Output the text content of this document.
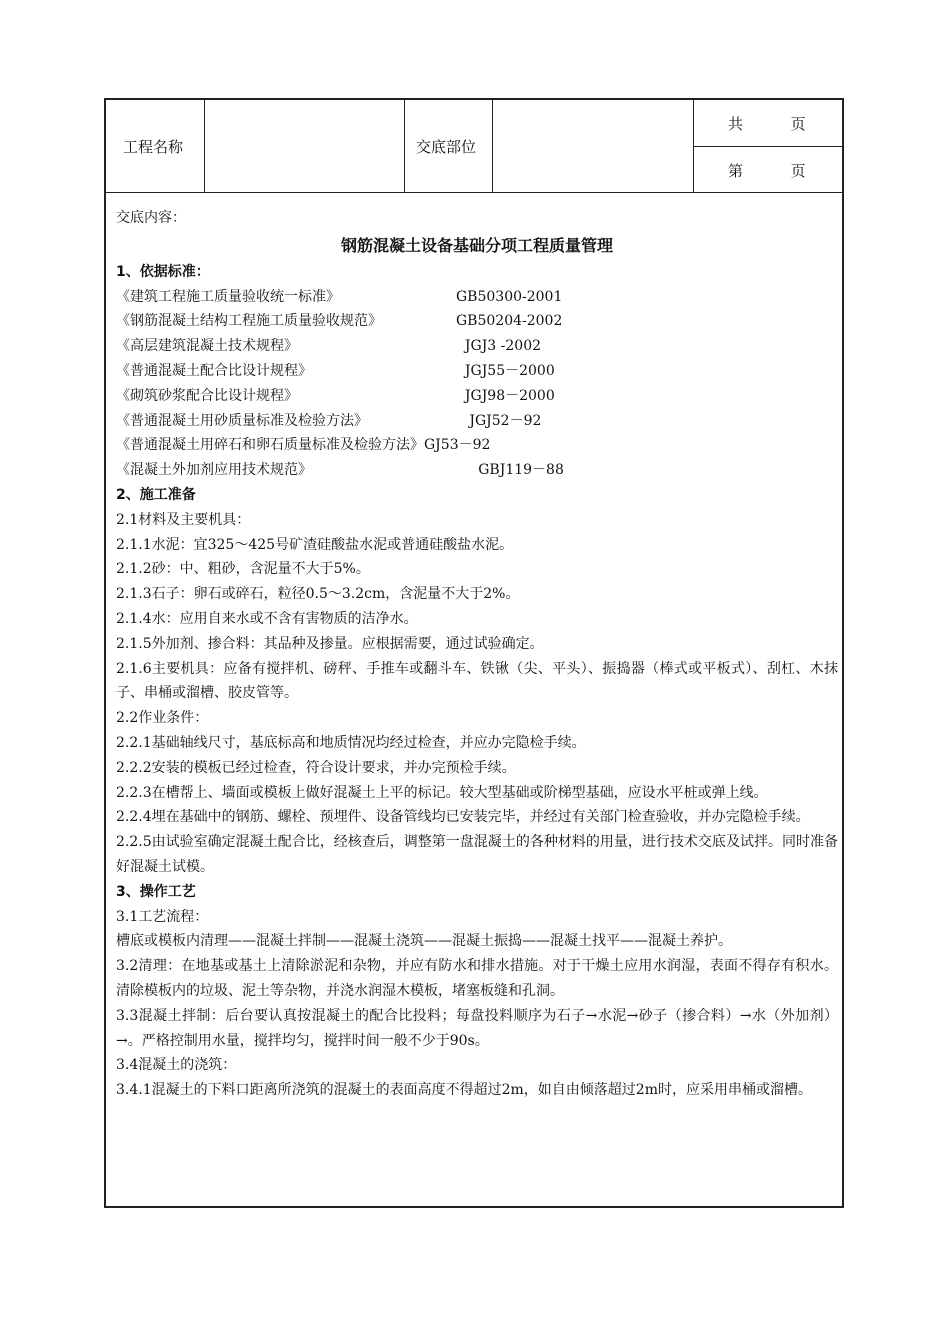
工程名称	交底部位
共          页
第          页
交底内容：
钢筋混凝土设备基础分项工程质量管理
1、依据标准：
《建筑工程施工质量验收统一标准》	GB50300-2001
《钢筋混凝土结构工程施工质量验收规范》	GB50204-2002
《高层建筑混凝土技术规程》	JGJ3 -2002
《普通混凝土配合比设计规程》	JGJ55－2000
《砌筑砂浆配合比设计规程》	JGJ98－2000
《普通混凝土用砂质量标准及检验方法》	JGJ52－92
《普通混凝土用碎石和卵石质量标准及检验方法》GJ53－92
《混凝土外加剂应用技术规范》	GBJ119－88
2、施工准备
2.1材料及主要机具：
2.1.1水泥：宜325～425号矿渣硅酸盐水泥或普通硅酸盐水泥。
2.1.2砂：中、粗砂，含泥量不大于5%。
2.1.3石子：卵石或碎石，粒径0.5～3.2cm，含泥量不大于2%。
2.1.4水：应用自来水或不含有害物质的洁净水。
2.1.5外加剂、掺合料：其品种及掺量。应根据需要，通过试验确定。
2.1.6主要机具：应备有搅拌机、磅秤、手推车或翻斗车、铁锹（尖、平头）、振捣器（棒式或平板式）、刮杠、木抹子、串桶或溜槽、胶皮管等。
2.2作业条件：
2.2.1基础轴线尺寸，基底标高和地质情况均经过检查，并应办完隐检手续。
2.2.2安装的模板已经过检查，符合设计要求，并办完预检手续。
2.2.3在槽帮上、墙面或模板上做好混凝土上平的标记。较大型基础或阶梯型基础，应设水平桩或弹上线。
2.2.4埋在基础中的钢筋、螺栓、预埋件、设备管线均已安装完毕，并经过有关部门检查验收，并办完隐检手续。
2.2.5由试验室确定混凝土配合比，经核查后，调整第一盘混凝土的各种材料的用量，进行技术交底及试拌。同时准备好混凝土试模。
3、操作工艺
3.1工艺流程：
槽底或模板内清理——混凝土拌制——混凝土浇筑——混凝土振捣——混凝土找平——混凝土养护。
3.2清理：在地基或基土上清除淤泥和杂物，并应有防水和排水措施。对于干燥土应用水润湿，表面不得存有积水。清除模板内的垃圾、泥土等杂物，并浇水润湿木模板，堵塞板缝和孔洞。
3.3混凝土拌制：后台要认真按混凝土的配合比投料；每盘投料顺序为石子→水泥→砂子（掺合料）→水（外加剂）→。严格控制用水量，搅拌均匀，搅拌时间一般不少于90s。
3.4混凝土的浇筑：
3.4.1混凝土的下料口距离所浇筑的混凝土的表面高度不得超过2m，如自由倾落超过2m时，应采用串桶或溜槽。
